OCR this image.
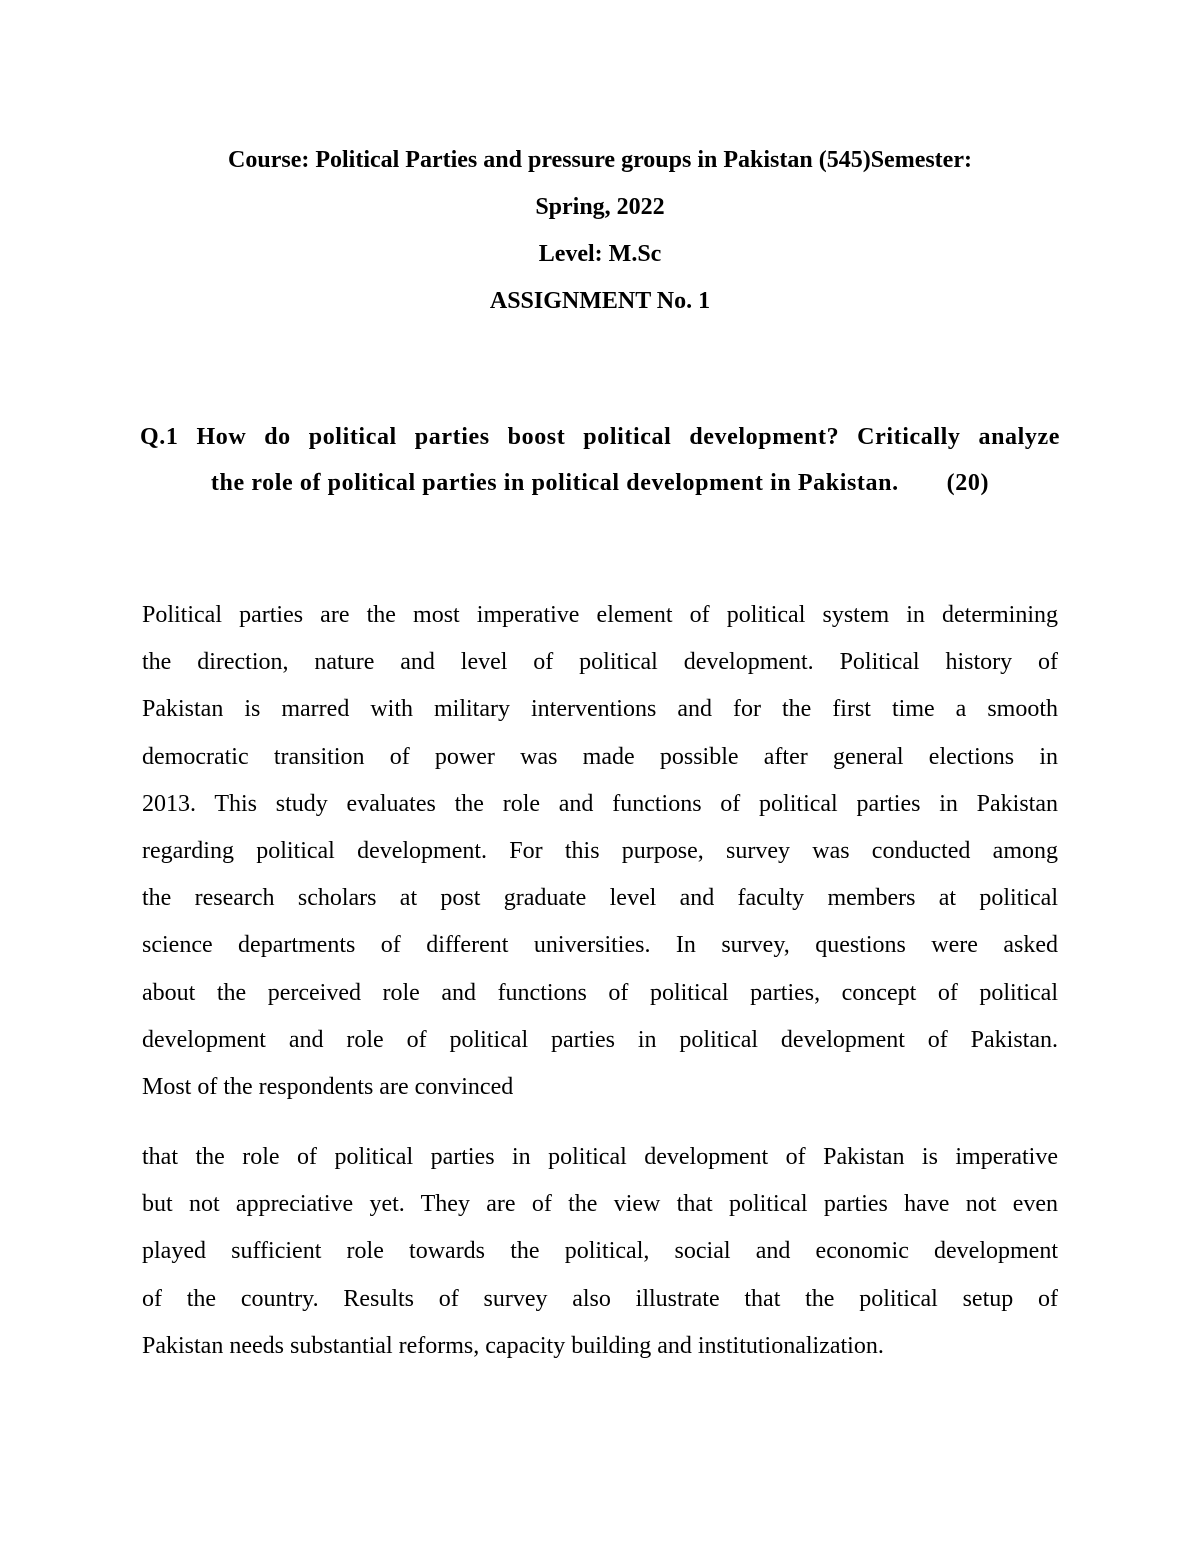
Course: Political Parties and pressure groups in Pakistan (545)Semester:
Spring, 2022
Level: M.Sc
ASSIGNMENT No. 1
Q.1 How do political parties boost political development? Critically analyze
the role of political parties in political development in Pakistan. (20)
Political parties are the most imperative element of political system in determining
the direction, nature and level of political development. Political history of
Pakistan is marred with military interventions and for the first time a smooth
democratic transition of power was made possible after general elections in
2013. This study evaluates the role and functions of political parties in Pakistan
regarding political development. For this purpose, survey was conducted among
the research scholars at post graduate level and faculty members at political
science departments of different universities. In survey, questions were asked
about the perceived role and functions of political parties, concept of political
development and role of political parties in political development of Pakistan.
Most of the respondents are convinced
that the role of political parties in political development of Pakistan is imperative
but not appreciative yet. They are of the view that political parties have not even
played sufficient role towards the political, social and economic development
of the country. Results of survey also illustrate that the political setup of
Pakistan needs substantial reforms, capacity building and institutionalization.
